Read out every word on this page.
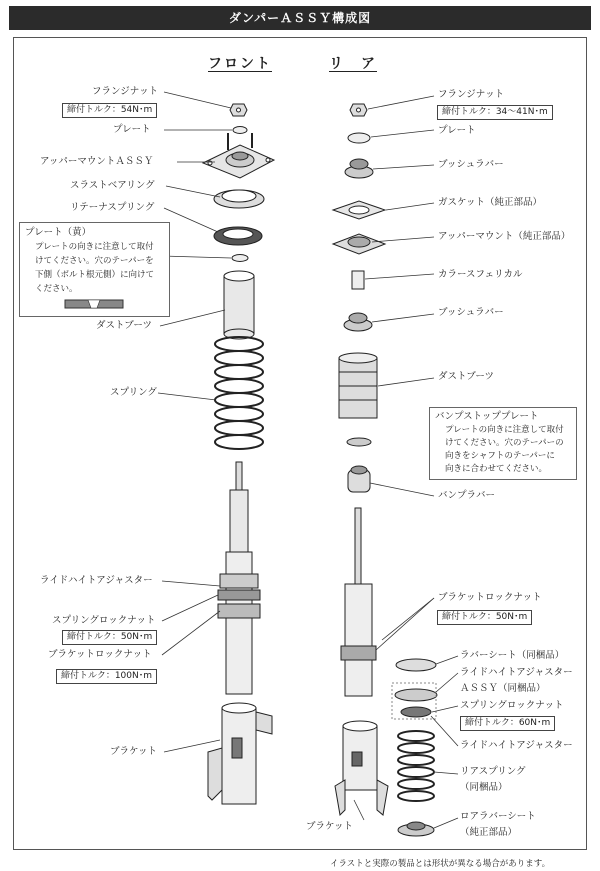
ダンパーＡＳＳＹ構成図
フロント	リ　ア
フランジナット
締付トルク：54N･m
プレート
アッパーマウントＡＳＳＹ
スラストベアリング
リテーナスプリング
ダストブーツ
スプリング
ライドハイトアジャスター
スプリングロックナット
締付トルク：50N･m
ブラケットロックナット
締付トルク：100N･m
ブラケット
プレート（黄）
プレートの向きに注意して取付
けてください。穴のテーパーを
下側（ボルト根元側）に向けて
ください。
フランジナット
締付トルク：34～41N･m
プレート
ブッシュラバー
ガスケット（純正部品）
アッパーマウント（純正部品）
カラースフェリカル
ブッシュラバー
ダストブーツ
バンプラバー
ブラケットロックナット
締付トルク：50N･m
ラバーシート（同梱品）
ライドハイトアジャスター
ＡＳＳＹ（同梱品）
スプリングロックナット
締付トルク：60N･m
ライドハイトアジャスター
リアスプリング
（同梱品）
ロアラバーシート
（純正部品）
ブラケット
バンプストッププレート
プレートの向きに注意して取付
けてください。穴のテーパーの
向きをシャフトのテーパーに
向きに合わせてください。
イラストと実際の製品とは形状が異なる場合があります。
